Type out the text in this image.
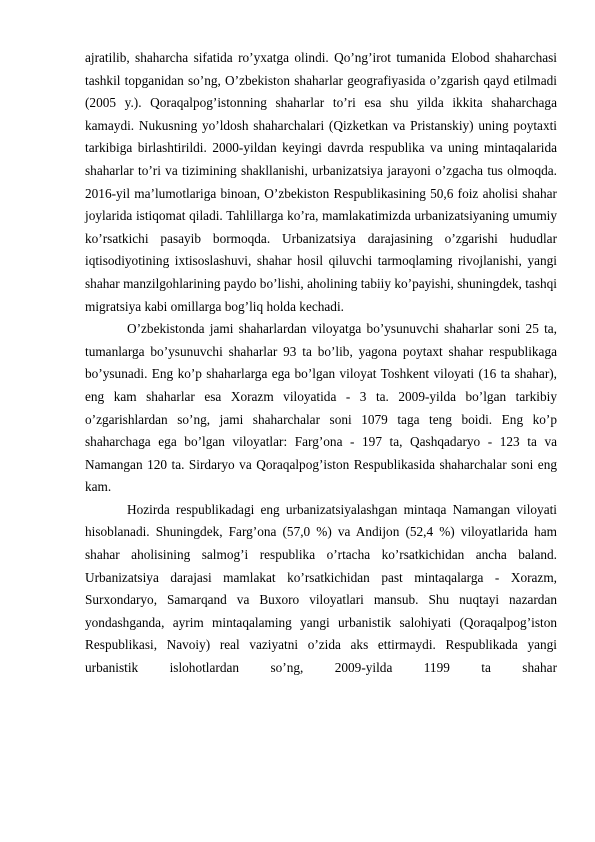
ajratilib, shaharcha sifatida ro’yxatga olindi. Qo’ng’irot tumanida Elobod shaharchasi tashkil topganidan so’ng, O’zbekiston shaharlar geografiyasida o’zgarish qayd etilmadi (2005 y.). Qoraqalpog’istonning shaharlar to’ri esa shu yilda ikkita shaharchaga kamaydi. Nukusning yo’ldosh shaharchalari (Qizketkan va Pristanskiy) uning poytaxti tarkibiga birlashtirildi. 2000-yildan keyingi davrda respublika va uning mintaqalarida shaharlar to’ri va tizimining shakllanishi, urbanizatsiya jarayoni o’zgacha tus olmoqda. 2016-yil ma’lumotlariga binoan, O’zbekiston Respublikasining 50,6 foiz aholisi shahar joylarida istiqomat qiladi. Tahlillarga ko’ra, mamlakatimizda urbanizatsiyaning umumiy ko’rsatkichi pasayib bormoqda. Urbanizatsiya darajasining o’zgarishi hududlar iqtisodiyotining ixtisoslashuvi, shahar hosil qiluvchi tarmoqlaming rivojlanishi, yangi shahar manzilgohlarining paydo bo’lishi, aholining tabiiy ko’payishi, shuningdek, tashqi migratsiya kabi omillarga bog’liq holda kechadi.

O’zbekistonda jami shaharlardan viloyatga bo’ysunuvchi shaharlar soni 25 ta, tumanlarga bo’ysunuvchi shaharlar 93 ta bo’lib, yagona poytaxt shahar respublikaga bo’ysunadi. Eng ko’p shaharlarga ega bo’lgan viloyat Toshkent viloyati (16 ta shahar), eng kam shaharlar esa Xorazm viloyatida - 3 ta. 2009-yilda bo’lgan tarkibiy o’zgarishlardan so’ng, jami shaharchalar soni 1079 taga teng boidi. Eng ko’p shaharchaga ega bo’lgan viloyatlar: Farg’ona - 197 ta, Qashqadaryo - 123 ta va Namangan 120 ta. Sirdaryo va Qoraqalpog’iston Respublikasida shaharchalar soni eng kam.

Hozirda respublikadagi eng urbanizatsiyalashgan mintaqa Namangan viloyati hisoblanadi. Shuningdek, Farg’ona (57,0 %) va Andijon (52,4 %) viloyatlarida ham shahar aholisining salmog’i respublika o’rtacha ko’rsatkichidan ancha baland. Urbanizatsiya darajasi mamlakat ko’rsatkichidan past mintaqalarga - Xorazm, Surxondaryo, Samarqand va Buxoro viloyatlari mansub. Shu nuqtayi nazardan yondashganda, ayrim mintaqalaming yangi urbanistik salohiyati (Qoraqalpog’iston Respublikasi, Navoiy) real vaziyatni o’zida aks ettirmaydi. Respublikada yangi urbanistik islohotlardan so’ng, 2009-yilda 1199 ta shahar
